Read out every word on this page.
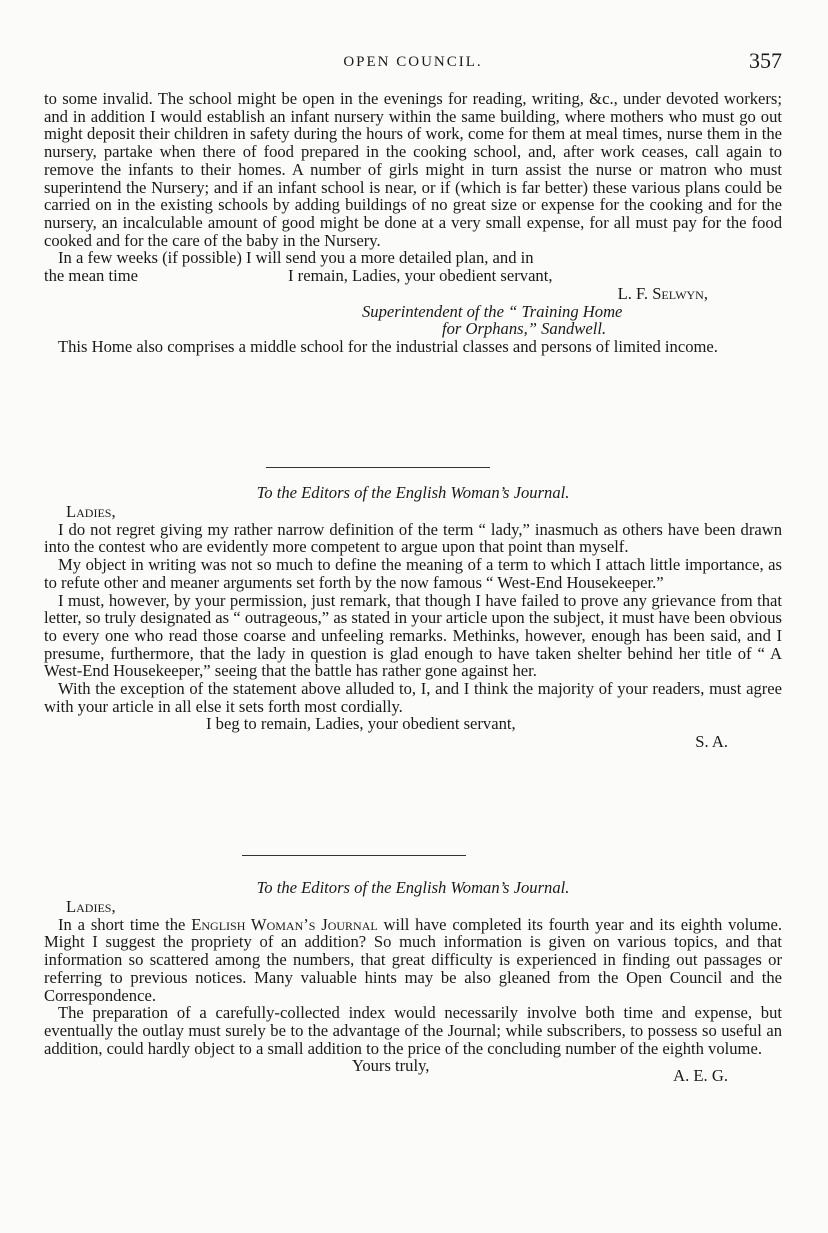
OPEN COUNCIL.	357

to some invalid. The school might be open in the evenings for reading, writing, &c., under devoted workers; and in addition I would establish an infant nursery within the same building, where mothers who must go out might deposit their children in safety during the hours of work, come for them at meal times, nurse them in the nursery, partake when there of food prepared in the cooking school, and, after work ceases, call again to remove the infants to their homes. A number of girls might in turn assist the nurse or matron who must superintend the Nursery; and if an infant school is near, or if (which is far better) these various plans could be carried on in the existing schools by adding buildings of no great size or expense for the cooking and for the nursery, an incalculable amount of good might be done at a very small expense, for all must pay for the food cooked and for the care of the baby in the Nursery.

In a few weeks (if possible) I will send you a more detailed plan, and in

the mean time	I remain, Ladies, your obedient servant,
L. F. Selwyn,
Superintendent of the “ Training Home
for Orphans,” Sandwell.

This Home also comprises a middle school for the industrial classes and persons of limited income.

To the Editors of the English Woman’s Journal.
Ladies,

I do not regret giving my rather narrow definition of the term “ lady,” inasmuch as others have been drawn into the contest who are evidently more competent to argue upon that point than myself.

My object in writing was not so much to define the meaning of a term to which I attach little importance, as to refute other and meaner arguments set forth by the now famous “ West-End Housekeeper.”

I must, however, by your permission, just remark, that though I have failed to prove any grievance from that letter, so truly designated as “ outrageous,” as stated in your article upon the subject, it must have been obvious to every one who read those coarse and unfeeling remarks. Methinks, however, enough has been said, and I presume, furthermore, that the lady in question is glad enough to have taken shelter behind her title of “ A West-End Housekeeper,” seeing that the battle has rather gone against her.

With the exception of the statement above alluded to, I, and I think the majority of your readers, must agree with your article in all else it sets forth most cordially.

I beg to remain, Ladies, your obedient servant,
S. A.
To the Editors of the English Woman’s Journal.
Ladies,

In a short time the English Woman’s Journal will have completed its fourth year and its eighth volume. Might I suggest the propriety of an addition? So much information is given on various topics, and that information so scattered among the numbers, that great difficulty is experienced in finding out passages or referring to previous notices. Many valuable hints may be also gleaned from the Open Council and the Correspondence.

The preparation of a carefully-collected index would necessarily involve both time and expense, but eventually the outlay must surely be to the advantage of the Journal; while subscribers, to possess so useful an addition, could hardly object to a small addition to the price of the concluding number of the eighth volume.

Yours truly,
A. E. G.
